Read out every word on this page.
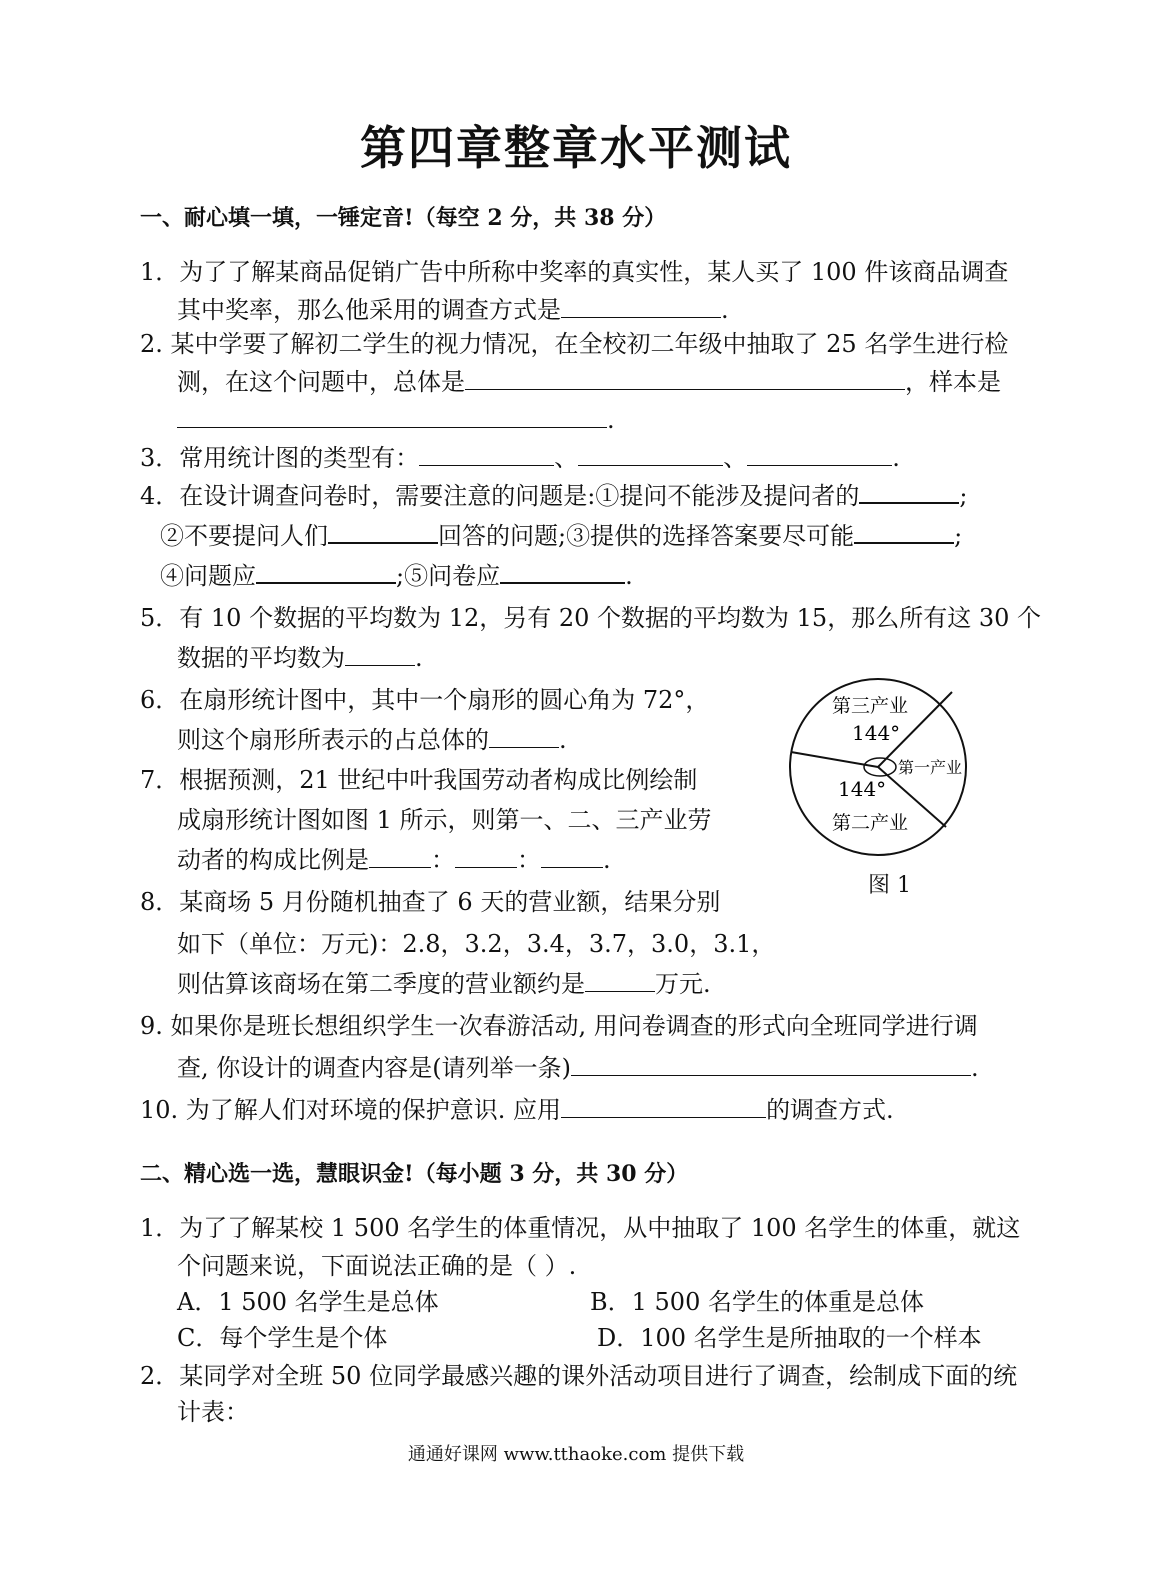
第四章整章水平测试
一、耐心填一填，一锤定音!（每空 2 分，共 38 分）
1．为了了解某商品促销广告中所称中奖率的真实性，某人买了 100 件该商品调查
其中奖率，那么他采用的调查方式是	.
2. 某中学要了解初二学生的视力情况，在全校初二年级中抽取了 25 名学生进行检
测，在这个问题中，总体是	，样本是
.
3．常用统计图的类型有：	、	、	.
4．在设计调查问卷时，需要注意的问题是:①提问不能涉及提问者的	;
②不要提问人们	回答的问题;③提供的选择答案要尽可能	;
④问题应	;⑤问卷应	.
5．有 10 个数据的平均数为 12，另有 20 个数据的平均数为 15，那么所有这 30 个
数据的平均数为	.
6．在扇形统计图中，其中一个扇形的圆心角为 72°，
则这个扇形所表示的占总体的	.
7．根据预测，21 世纪中叶我国劳动者构成比例绘制
成扇形统计图如图 1 所示，则第一、二、三产业劳
动者的构成比例是	：	：	.
8．某商场 5 月份随机抽查了 6 天的营业额，结果分别
如下（单位：万元)：2.8，3.2，3.4，3.7，3.0，3.1，
则估算该商场在第二季度的营业额约是	万元.
9. 如果你是班长想组织学生一次春游活动, 用问卷调查的形式向全班同学进行调
查, 你设计的调查内容是(请列举一条)	.
10. 为了解人们对环境的保护意识. 应用	的调查方式.
第三产业
144°
第一产业
144°
第二产业
图 1
二、精心选一选，慧眼识金!（每小题 3 分，共 30 分）
1．为了了解某校 1 500 名学生的体重情况，从中抽取了 100 名学生的体重，就这
个问题来说，下面说法正确的是（ ）.
A．1 500 名学生是总体	B．1 500 名学生的体重是总体
C．每个学生是个体	D．100 名学生是所抽取的一个样本
2．某同学对全班 50 位同学最感兴趣的课外活动项目进行了调查，绘制成下面的统
计表：
通通好课网 www.tthaoke.com 提供下载
